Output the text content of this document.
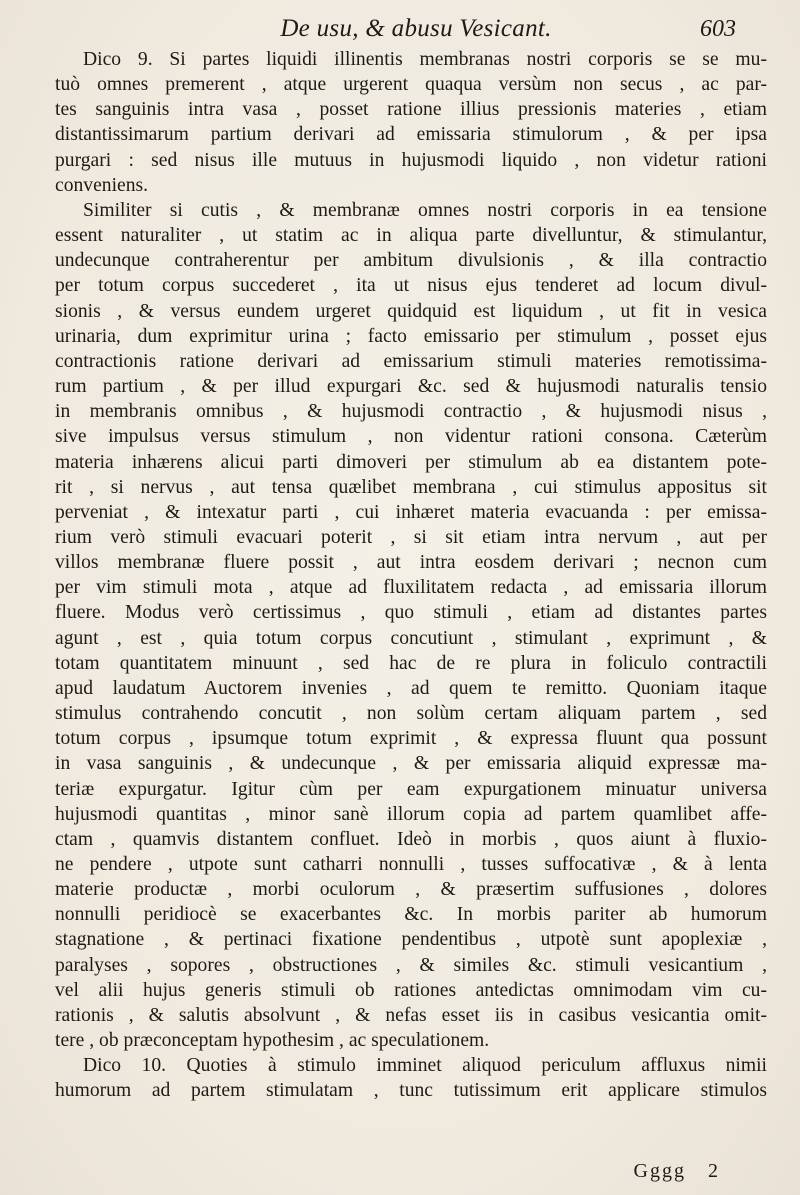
De usu, & abusu Vesicant.	603
Dico 9. Si partes liquidi illinentis membranas nostri corporis se se mu-
tuò omnes premerent , atque urgerent quaqua versùm non secus , ac par-
tes sanguinis intra vasa , posset ratione illius pressionis materies , etiam
distantissimarum partium derivari ad emissaria stimulorum , & per ipsa
purgari : sed nisus ille mutuus in hujusmodi liquido , non videtur rationi
conveniens.
Similiter si cutis , & membranæ omnes nostri corporis in ea tensione
essent naturaliter , ut statim ac in aliqua parte divelluntur, & stimulantur,
undecunque contraherentur per ambitum divulsionis , & illa contractio
per totum corpus succederet , ita ut nisus ejus tenderet ad locum divul-
sionis , & versus eundem urgeret quidquid est liquidum , ut fit in vesica
urinaria, dum exprimitur urina ; facto emissario per stimulum , posset ejus
contractionis ratione derivari ad emissarium stimuli materies remotissima-
rum partium , & per illud expurgari &c. sed & hujusmodi naturalis tensio
in membranis omnibus , & hujusmodi contractio , & hujusmodi nisus ,
sive impulsus versus stimulum , non videntur rationi consona. Cæterùm
materia inhærens alicui parti dimoveri per stimulum ab ea distantem pote-
rit , si nervus , aut tensa quælibet membrana , cui stimulus appositus sit
perveniat , & intexatur parti , cui inhæret materia evacuanda : per emissa-
rium verò stimuli evacuari poterit , si sit etiam intra nervum , aut per
villos membranæ fluere possit , aut intra eosdem derivari ; necnon cum
per vim stimuli mota , atque ad fluxilitatem redacta , ad emissaria illorum
fluere. Modus verò certissimus , quo stimuli , etiam ad distantes partes
agunt , est , quia totum corpus concutiunt , stimulant , exprimunt , &
totam quantitatem minuunt , sed hac de re plura in foliculo contractili
apud laudatum Auctorem invenies , ad quem te remitto. Quoniam itaque
stimulus contrahendo concutit , non solùm certam aliquam partem , sed
totum corpus , ipsumque totum exprimit , & expressa fluunt qua possunt
in vasa sanguinis , & undecunque , & per emissaria aliquid expressæ ma-
teriæ expurgatur. Igitur cùm per eam expurgationem minuatur universa
hujusmodi quantitas , minor sanè illorum copia ad partem quamlibet affe-
ctam , quamvis distantem confluet. Ideò in morbis , quos aiunt à fluxio-
ne pendere , utpote sunt catharri nonnulli , tusses suffocativæ , & à lenta
materie productæ , morbi oculorum , & præsertim suffusiones , dolores
nonnulli peridiocè se exacerbantes &c. In morbis pariter ab humorum
stagnatione , & pertinaci fixatione pendentibus , utpotè sunt apoplexiæ ,
paralyses , sopores , obstructiones , & similes &c. stimuli vesicantium ,
vel alii hujus generis stimuli ob rationes antedictas omnimodam vim cu-
rationis , & salutis absolvunt , & nefas esset iis in casibus vesicantia omit-
tere , ob præconceptam hypothesim , ac speculationem.
Dico 10. Quoties à stimulo imminet aliquod periculum affluxus nimii
humorum ad partem stimulatam , tunc tutissimum erit applicare stimulos
Gggg 2
